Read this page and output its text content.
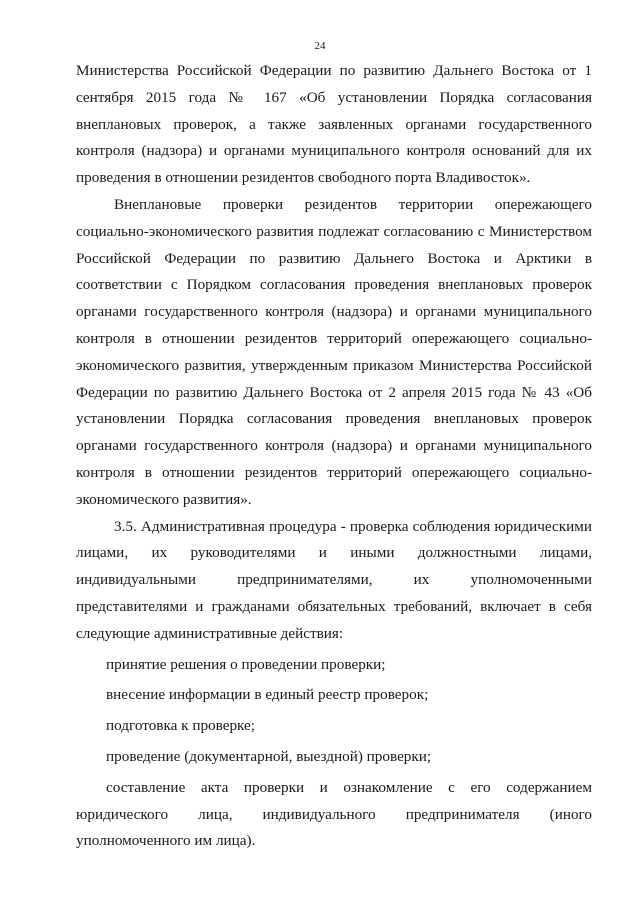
24

Министерства Российской Федерации по развитию Дальнего Востока от 1 сентября 2015 года № 167 «Об установлении Порядка согласования внеплановых проверок, а также заявленных органами государственного контроля (надзора) и органами муниципального контроля оснований для их проведения в отношении резидентов свободного порта Владивосток».

Внеплановые проверки резидентов территории опережающего социально-экономического развития подлежат согласованию с Министерством Российской Федерации по развитию Дальнего Востока и Арктики в соответствии с Порядком согласования проведения внеплановых проверок органами государственного контроля (надзора) и органами муниципального контроля в отношении резидентов территорий опережающего социально-экономического развития, утвержденным приказом Министерства Российской Федерации по развитию Дальнего Востока от 2 апреля 2015 года № 43 «Об установлении Порядка согласования проведения внеплановых проверок органами государственного контроля (надзора) и органами муниципального контроля в отношении резидентов территорий опережающего социально-экономического развития».

3.5. Административная процедура - проверка соблюдения юридическими лицами, их руководителями и иными должностными лицами, индивидуальными предпринимателями, их уполномоченными представителями и гражданами обязательных требований, включает в себя следующие административные действия:

принятие решения о проведении проверки;

внесение информации в единый реестр проверок;

подготовка к проверке;

проведение (документарной, выездной) проверки;

составление акта проверки и ознакомление с его содержанием юридического лица, индивидуального предпринимателя (иного уполномоченного им лица).
